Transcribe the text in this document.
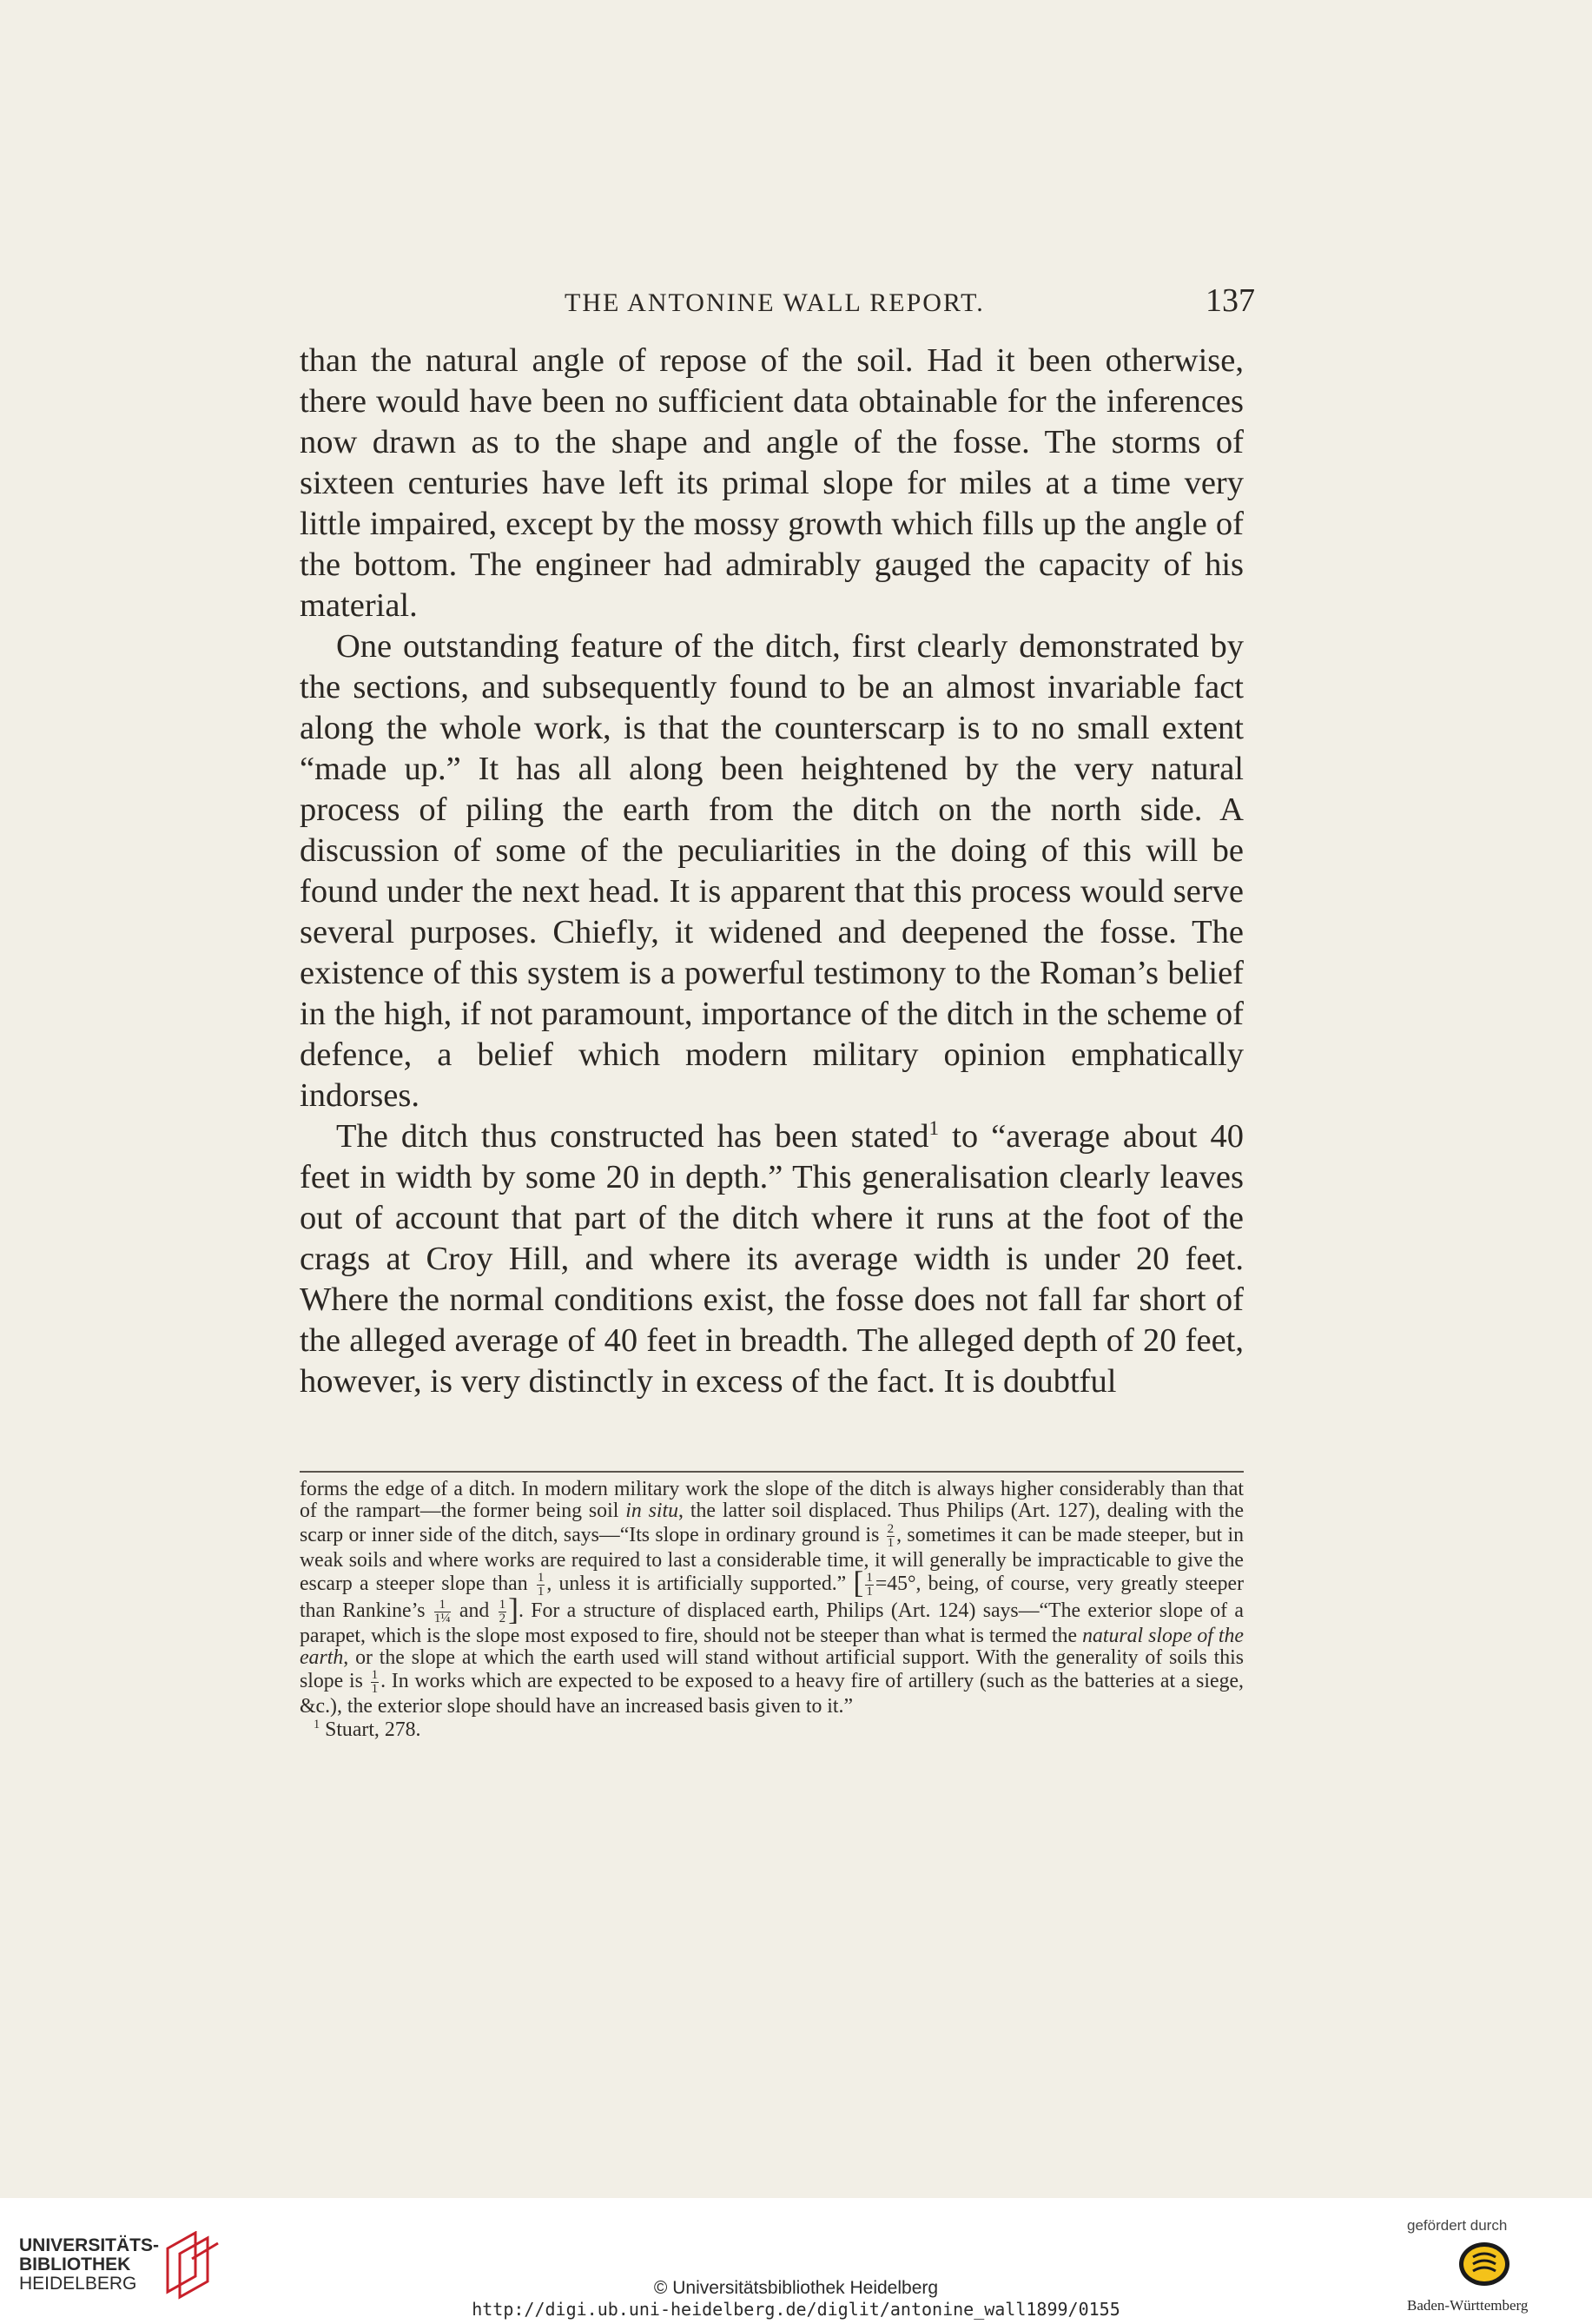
THE ANTONINE WALL REPORT.	137

than the natural angle of repose of the soil. Had it been otherwise, there would have been no sufficient data obtainable for the inferences now drawn as to the shape and angle of the fosse. The storms of sixteen centuries have left its primal slope for miles at a time very little impaired, except by the mossy growth which fills up the angle of the bottom. The engineer had admirably gauged the capacity of his material.

One outstanding feature of the ditch, first clearly demonstrated by the sections, and subsequently found to be an almost invariable fact along the whole work, is that the counterscarp is to no small extent “made up.” It has all along been heightened by the very natural process of piling the earth from the ditch on the north side. A discussion of some of the peculiarities in the doing of this will be found under the next head. It is apparent that this process would serve several purposes. Chiefly, it widened and deepened the fosse. The existence of this system is a powerful testimony to the Roman’s belief in the high, if not paramount, importance of the ditch in the scheme of defence, a belief which modern military opinion emphatically indorses.

The ditch thus constructed has been stated$^1$ to “average about 40 feet in width by some 20 in depth.” This generalisation clearly leaves out of account that part of the ditch where it runs at the foot of the crags at Croy Hill, and where its average width is under 20 feet. Where the normal conditions exist, the fosse does not fall far short of the alleged average of 40 feet in breadth. The alleged depth of 20 feet, however, is very distinctly in excess of the fact. It is doubtful

forms the edge of a ditch. In modern military work the slope of the ditch is always higher considerably than that of the rampart—the former being soil in situ, the latter soil displaced. Thus Philips (Art. 127), dealing with the scarp or inner side of the ditch, says—“Its slope in ordinary ground is $\frac{2}{1}$ , sometimes it can be made steeper, but in weak soils and where works are required to last a considerable time, it will generally be impracticable to give the escarp a steeper slope than $\frac{1}{1}$ , unless it is artificially supported.” [ $\frac{1}{1} =45^\circ$, being, of course, very greatly steeper than Rankine’s $\frac{1}{\text{1¼}}$ and $\frac{1}{2}$ ]. For a structure of displaced earth, Philips (Art. 124) says—“The exterior slope of a parapet, which is the slope most exposed to fire, should not be steeper than what is termed the natural slope of the earth, or the slope at which the earth used will stand without artificial support. With the generality of soils this slope is $\frac{1}{1}$ . In works which are expected to be exposed to a heavy fire of artillery (such as the batteries at a siege, &c.), the exterior slope should have an increased basis given to it.”

$^1$ Stuart, 278.

UNIVERSITÄTS-
BIBLIOTHEK
HEIDELBERG	© Universitätsbibliothek Heidelberg
http://digi.ub.uni-heidelberg.de/diglit/antonine_wall1899/0155
gefördert durch
Baden-Württemberg
